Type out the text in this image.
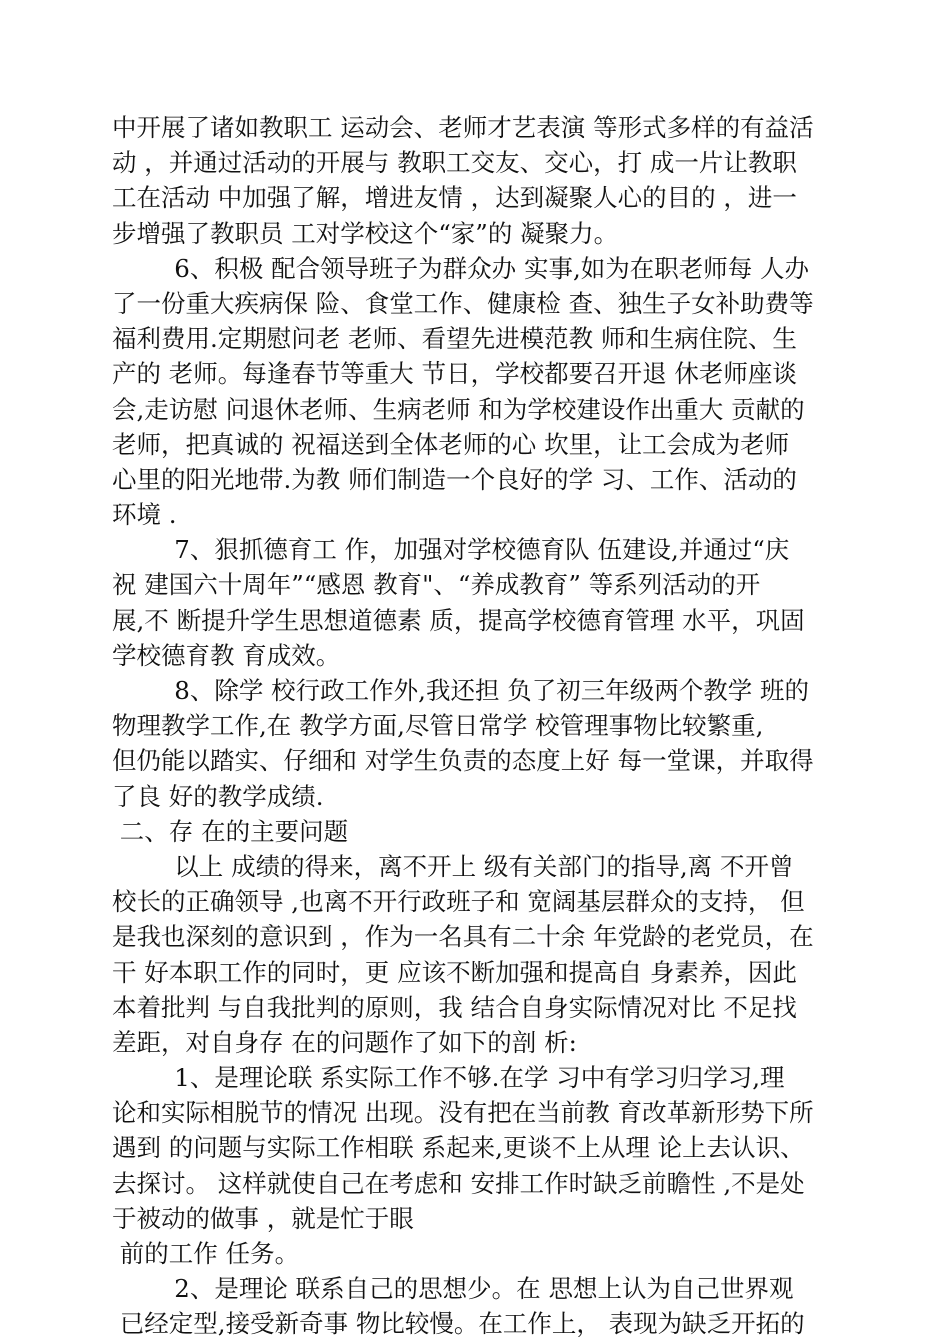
中开展了诸如教职工 运动会、老师才艺表演 等形式多样的有益活
动 ，并通过活动的开展与 教职工交友、交心，打 成一片让教职
工在活动 中加强了解，增进友情 ，达到凝聚人心的目的 ，进一
步增强了教职员 工对学校这个“家”的 凝聚力。
6、积极 配合领导班子为群众办 实事,如为在职老师每 人办
了一份重大疾病保 险、食堂工作、健康检 查、独生子女补助费等
福利费用.定期慰问老 老师、看望先进模范教 师和生病住院、生
产的 老师。每逢春节等重大 节日，学校都要召开退 休老师座谈
会,走访慰 问退休老师、生病老师 和为学校建设作出重大 贡献的
老师，把真诚的 祝福送到全体老师的心 坎里，让工会成为老师
心里的阳光地带.为教 师们制造一个良好的学 习、工作、活动的
环境 .
7、狠抓德育工 作，加强对学校德育队 伍建设,并通过“庆
祝 建国六十周年”“感恩 教育"、“养成教育” 等系列活动的开
展,不 断提升学生思想道德素 质，提高学校德育管理 水平，巩固
学校德育教 育成效。
8、除学 校行政工作外,我还担 负了初三年级两个教学 班的
物理教学工作,在 教学方面,尽管日常学 校管理事物比较繁重,
但仍能以踏实、仔细和 对学生负责的态度上好 每一堂课，并取得
了良 好的教学成绩.
二、存 在的主要问题
以上 成绩的得来，离不开上 级有关部门的指导,离 不开曾
校长的正确领导 ,也离不开行政班子和 宽阔基层群众的支持， 但
是我也深刻的意识到 ，作为一名具有二十余 年党龄的老党员，在
干 好本职工作的同时，更 应该不断加强和提高自 身素养，因此
本着批判 与自我批判的原则，我 结合自身实际情况对比 不足找
差距，对自身存 在的问题作了如下的剖 析:
1、是理论联 系实际工作不够.在学 习中有学习归学习,理
论和实际相脱节的情况 出现。没有把在当前教 育改革新形势下所
遇到 的问题与实际工作相联 系起来,更谈不上从理 论上去认识、
去探讨。 这样就使自己在考虑和 安排工作时缺乏前瞻性 ,不是处
于被动的做事 ，就是忙于眼
前的工作 任务。
2、是理论 联系自己的思想少。在 思想上认为自己世界观
已经定型,接受新奇事 物比较慢。在工作上， 表现为缺乏开拓的
